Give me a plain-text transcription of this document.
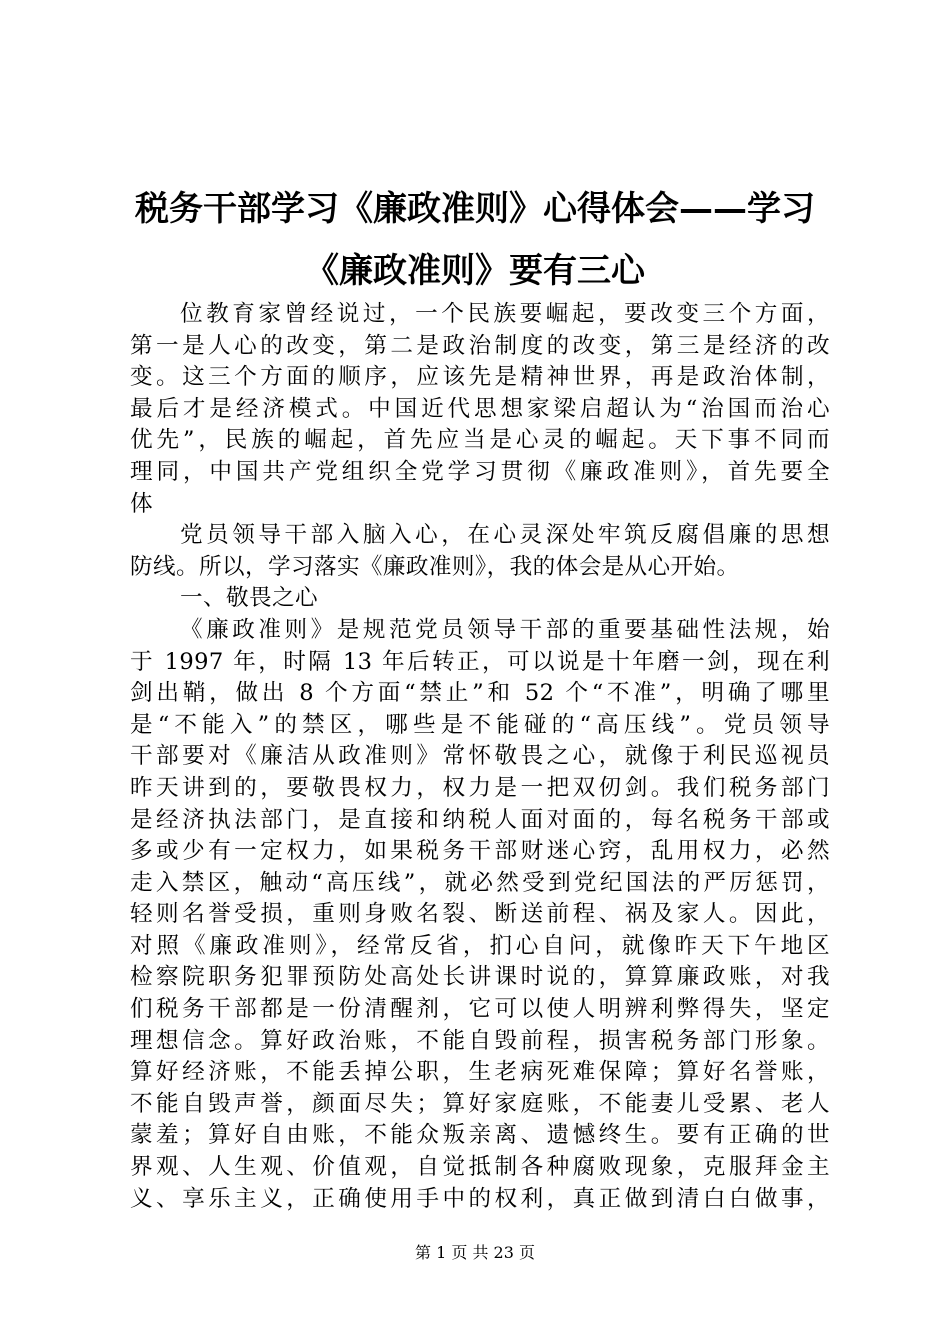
税务干部学习《廉政准则》心得体会——学习
《廉政准则》要有三心
位教育家曾经说过，一个民族要崛起，要改变三个方面，
第一是人心的改变，第二是政治制度的改变，第三是经济的改
变。这三个方面的顺序，应该先是精神世界，再是政治体制，
最后才是经济模式。中国近代思想家梁启超认为“治国而治心
优先”，民族的崛起，首先应当是心灵的崛起。天下事不同而
理同，中国共产党组织全党学习贯彻《廉政准则》，首先要全
体
党员领导干部入脑入心，在心灵深处牢筑反腐倡廉的思想
防线。所以，学习落实《廉政准则》，我的体会是从心开始。
一、敬畏之心
《廉政准则》是规范党员领导干部的重要基础性法规，始
于 1997 年，时隔 13 年后转正，可以说是十年磨一剑，现在利
剑出鞘，做出 8 个方面“禁止”和 52 个“不准”，明确了哪里
是“不能入”的禁区，哪些是不能碰的“高压线”。党员领导
干部要对《廉洁从政准则》常怀敬畏之心，就像于利民巡视员
昨天讲到的，要敬畏权力，权力是一把双仞剑。我们税务部门
是经济执法部门，是直接和纳税人面对面的，每名税务干部或
多或少有一定权力，如果税务干部财迷心窍，乱用权力，必然
走入禁区，触动“高压线”，就必然受到党纪国法的严厉惩罚，
轻则名誉受损，重则身败名裂、断送前程、祸及家人。因此，
对照《廉政准则》，经常反省，扪心自问，就像昨天下午地区
检察院职务犯罪预防处高处长讲课时说的，算算廉政账，对我
们税务干部都是一份清醒剂，它可以使人明辨利弊得失，坚定
理想信念。算好政治账，不能自毁前程，损害税务部门形象。
算好经济账，不能丢掉公职，生老病死难保障；算好名誉账，
不能自毁声誉，颜面尽失；算好家庭账，不能妻儿受累、老人
蒙羞；算好自由账，不能众叛亲离、遗憾终生。要有正确的世
界观、人生观、价值观，自觉抵制各种腐败现象，克服拜金主
义、享乐主义，正确使用手中的权利，真正做到清白白做事，
第 1 页 共 23 页
